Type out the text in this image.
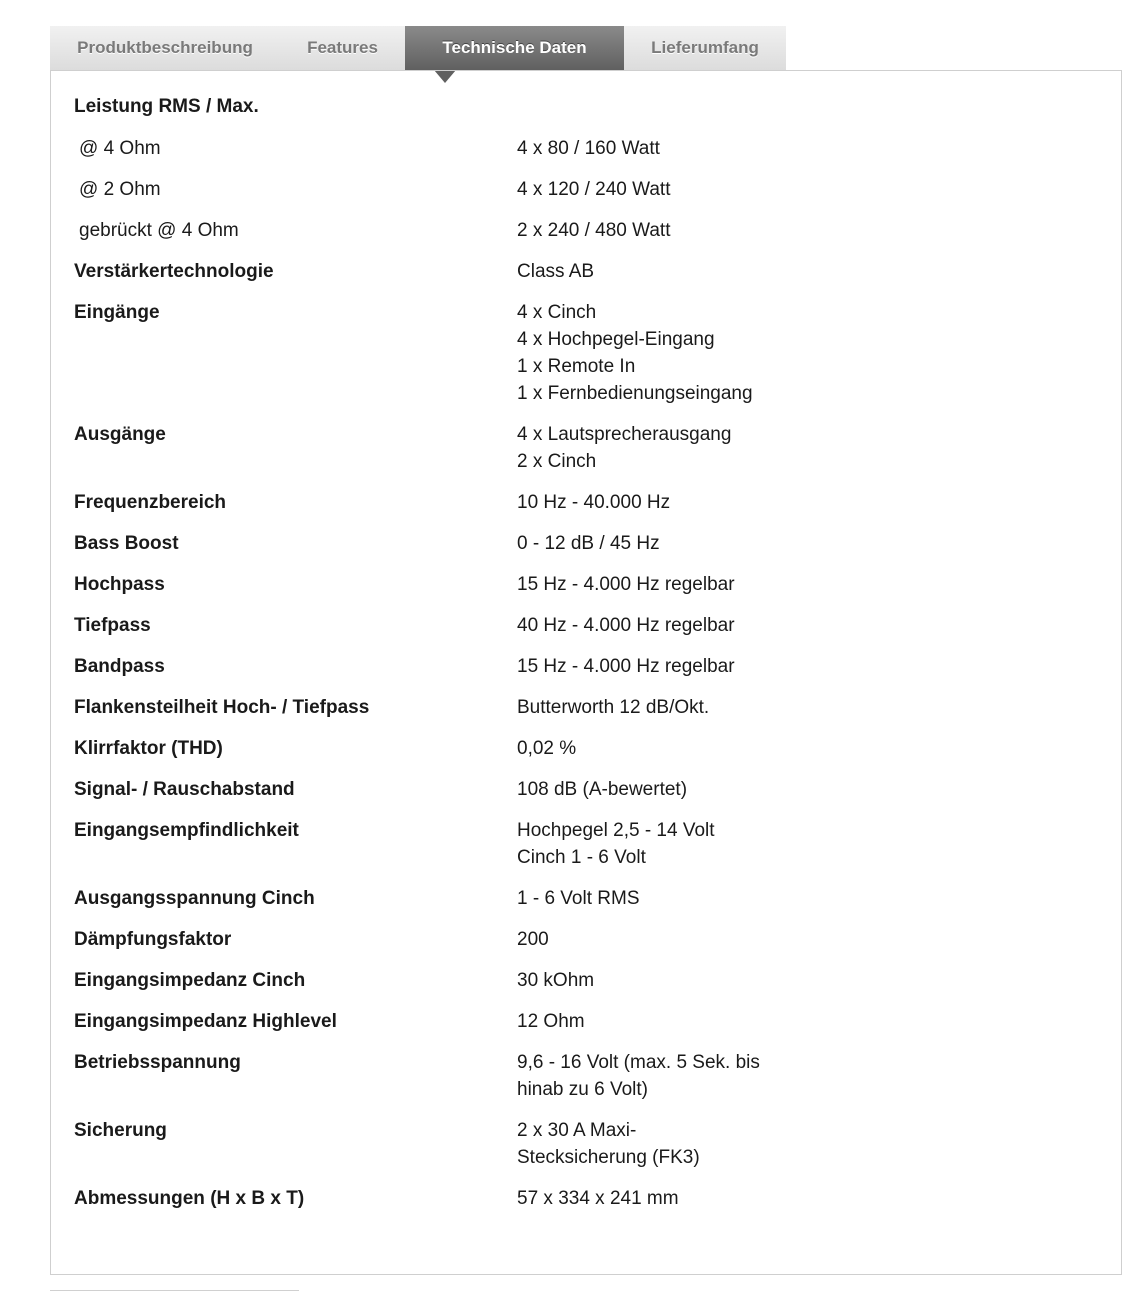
Produktbeschreibung	Features	Technische Daten	Lieferumfang
Leistung RMS / Max.
@ 4 Ohm	4 x 80 / 160 Watt
@ 2 Ohm	4 x 120 / 240 Watt
gebrückt @ 4 Ohm	2 x 240 / 480 Watt
Verstärkertechnologie	Class AB
Eingänge	4 x Cinch
4 x Hochpegel-Eingang
1 x Remote In
1 x Fernbedienungseingang
Ausgänge	4 x Lautsprecherausgang
2 x Cinch
Frequenzbereich	10 Hz - 40.000 Hz
Bass Boost	0 - 12 dB / 45 Hz
Hochpass	15 Hz - 4.000 Hz regelbar
Tiefpass	40 Hz - 4.000 Hz regelbar
Bandpass	15 Hz - 4.000 Hz regelbar
Flankensteilheit Hoch- / Tiefpass	Butterworth 12 dB/Okt.
Klirrfaktor (THD)	0,02 %
Signal- / Rauschabstand	108 dB (A-bewertet)
Eingangsempfindlichkeit	Hochpegel 2,5 - 14 Volt
Cinch 1 - 6 Volt
Ausgangsspannung Cinch	1 - 6 Volt RMS
Dämpfungsfaktor	200
Eingangsimpedanz Cinch	30 kOhm
Eingangsimpedanz Highlevel	12 Ohm
Betriebsspannung	9,6 - 16 Volt (max. 5 Sek. bis hinab zu 6 Volt)
Sicherung	2 x 30 A Maxi-Stecksicherung (FK3)
Abmessungen (H x B x T)	57 x 334 x 241 mm
